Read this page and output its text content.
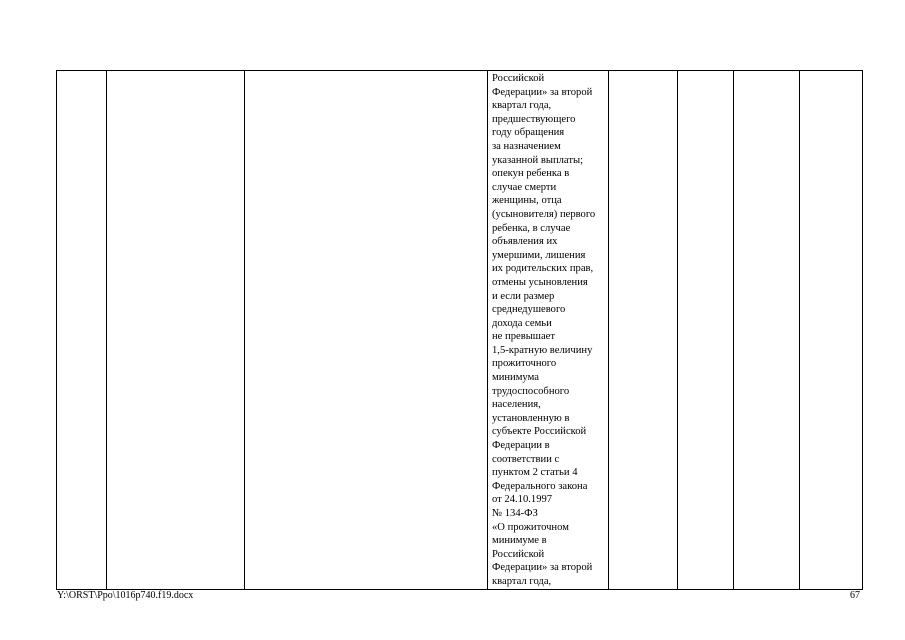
Российской
Федерации» за второй
квартал года,
предшествующего
году обращения
за назначением
указанной выплаты;
опекун ребенка в
случае смерти
женщины, отца
(усыновителя) первого
ребенка, в случае
объявления их
умершими, лишения
их родительских прав,
отмены усыновления
и если размер
среднедушевого
дохода семьи
не превышает
1,5-кратную величину
прожиточного
минимума
трудоспособного
населения,
установленную в
субъекте Российской
Федерации в
соответствии с
пунктом 2 статьи 4
Федерального закона
от 24.10.1997
№ 134-ФЗ
«О прожиточном
минимуме в
Российской
Федерации» за второй
квартал года,

Y:\ORST\Ppo\1016p740.f19.docx	67
